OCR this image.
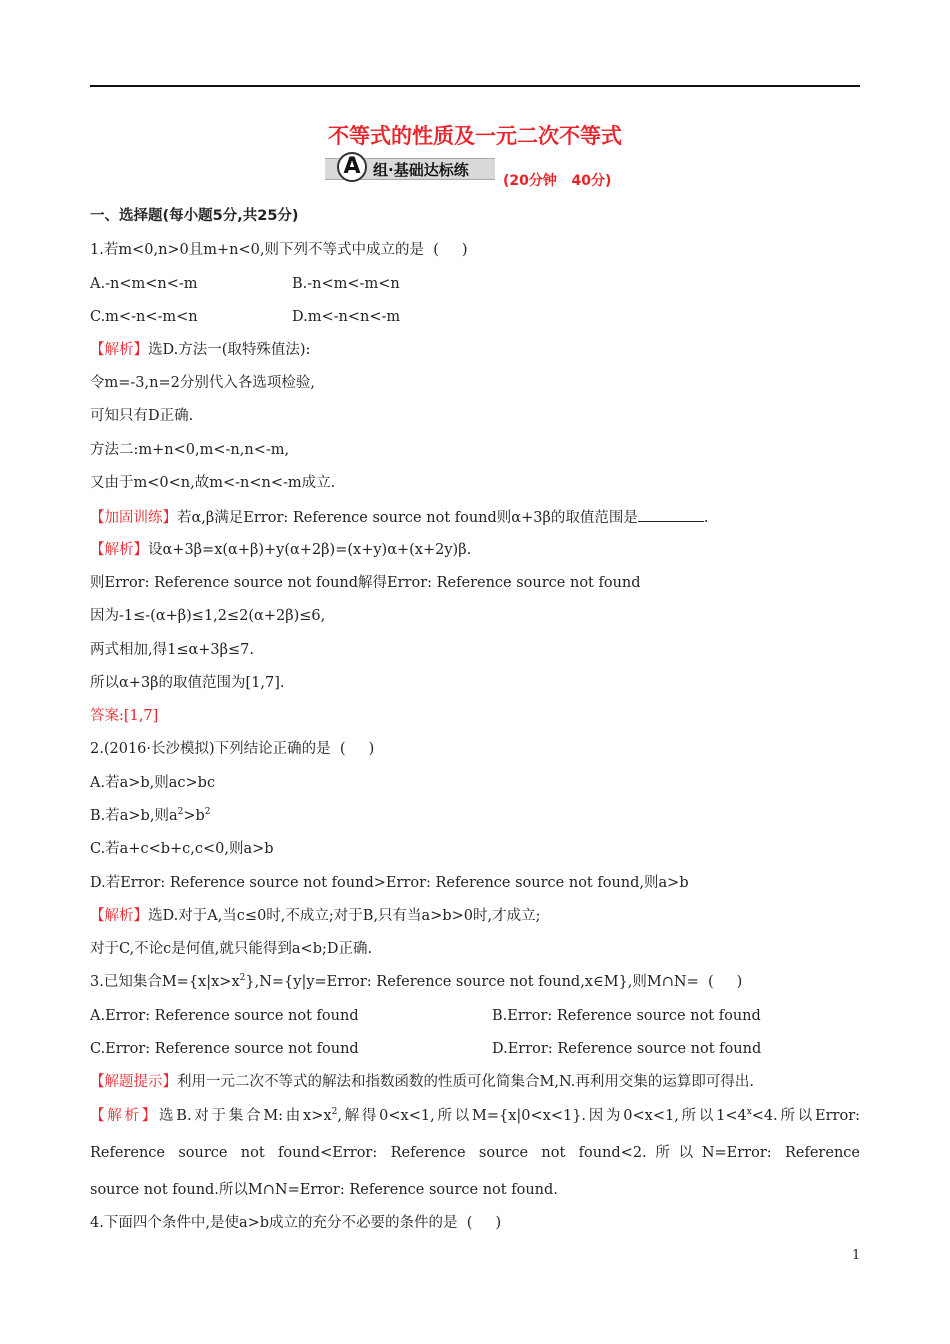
不等式的性质及一元二次不等式
A 组·基础达标练
(20分钟   40分)
一、选择题(每小题5分,共25分)
1.若m<0,n>0且m+n<0,则下列不等式中成立的是  (     )
A.-n<m<n<-m	B.-n<m<-m<n
C.m<-n<-m<n	D.m<-n<n<-m
【解析】选D.方法一(取特殊值法):
令m=-3,n=2分别代入各选项检验,
可知只有D正确.
方法二:m+n<0,m<-n,n<-m,
又由于m<0<n,故m<-n<n<-m成立.
【加固训练】若α,β满足Error: Reference source not found则α+3β的取值范围是	.
【解析】设α+3β=x(α+β)+y(α+2β)=(x+y)α+(x+2y)β.
则Error: Reference source not found解得Error: Reference source not found
因为-1≤-(α+β)≤1,2≤2(α+2β)≤6,
两式相加,得1≤α+3β≤7.
所以α+3β的取值范围为[1,7].
答案:[1,7]
2.(2016·长沙模拟)下列结论正确的是  (     )
A.若a>b,则ac>bc
B.若a>b,则$a^2>b^2$
C.若a+c<b+c,c<0,则a>b
D.若Error: Reference source not found>Error: Reference source not found,则a>b
【解析】选D.对于A,当c≤0时,不成立;对于B,只有当a>b>0时,才成立;
对于C,不论c是何值,就只能得到a<b;D正确.
3.已知集合$M=\{x|x>x^2\},N=\{y|y=Error$: Reference source not found,x∈M},则M∩N=  (     )
A.Error: Reference source not found	B.Error: Reference source not found
C.Error: Reference source not found	D.Error: Reference source not found
【解题提示】利用一元二次不等式的解法和指数函数的性质可化简集合M,N.再利用交集的运算即可得出.
【解析】选B.对于集合M:由$x>x^2$,解得0<x<1,所以M={x|0<x<1}.因为0<x<1,所以$1<4^x<4$.所以Error:
Reference source not found<Error: Reference source not found<2.所以N=Error: Reference
source not found.所以M∩N=Error: Reference source not found.
4.下面四个条件中,是使a>b成立的充分不必要的条件的是  (     )
1
